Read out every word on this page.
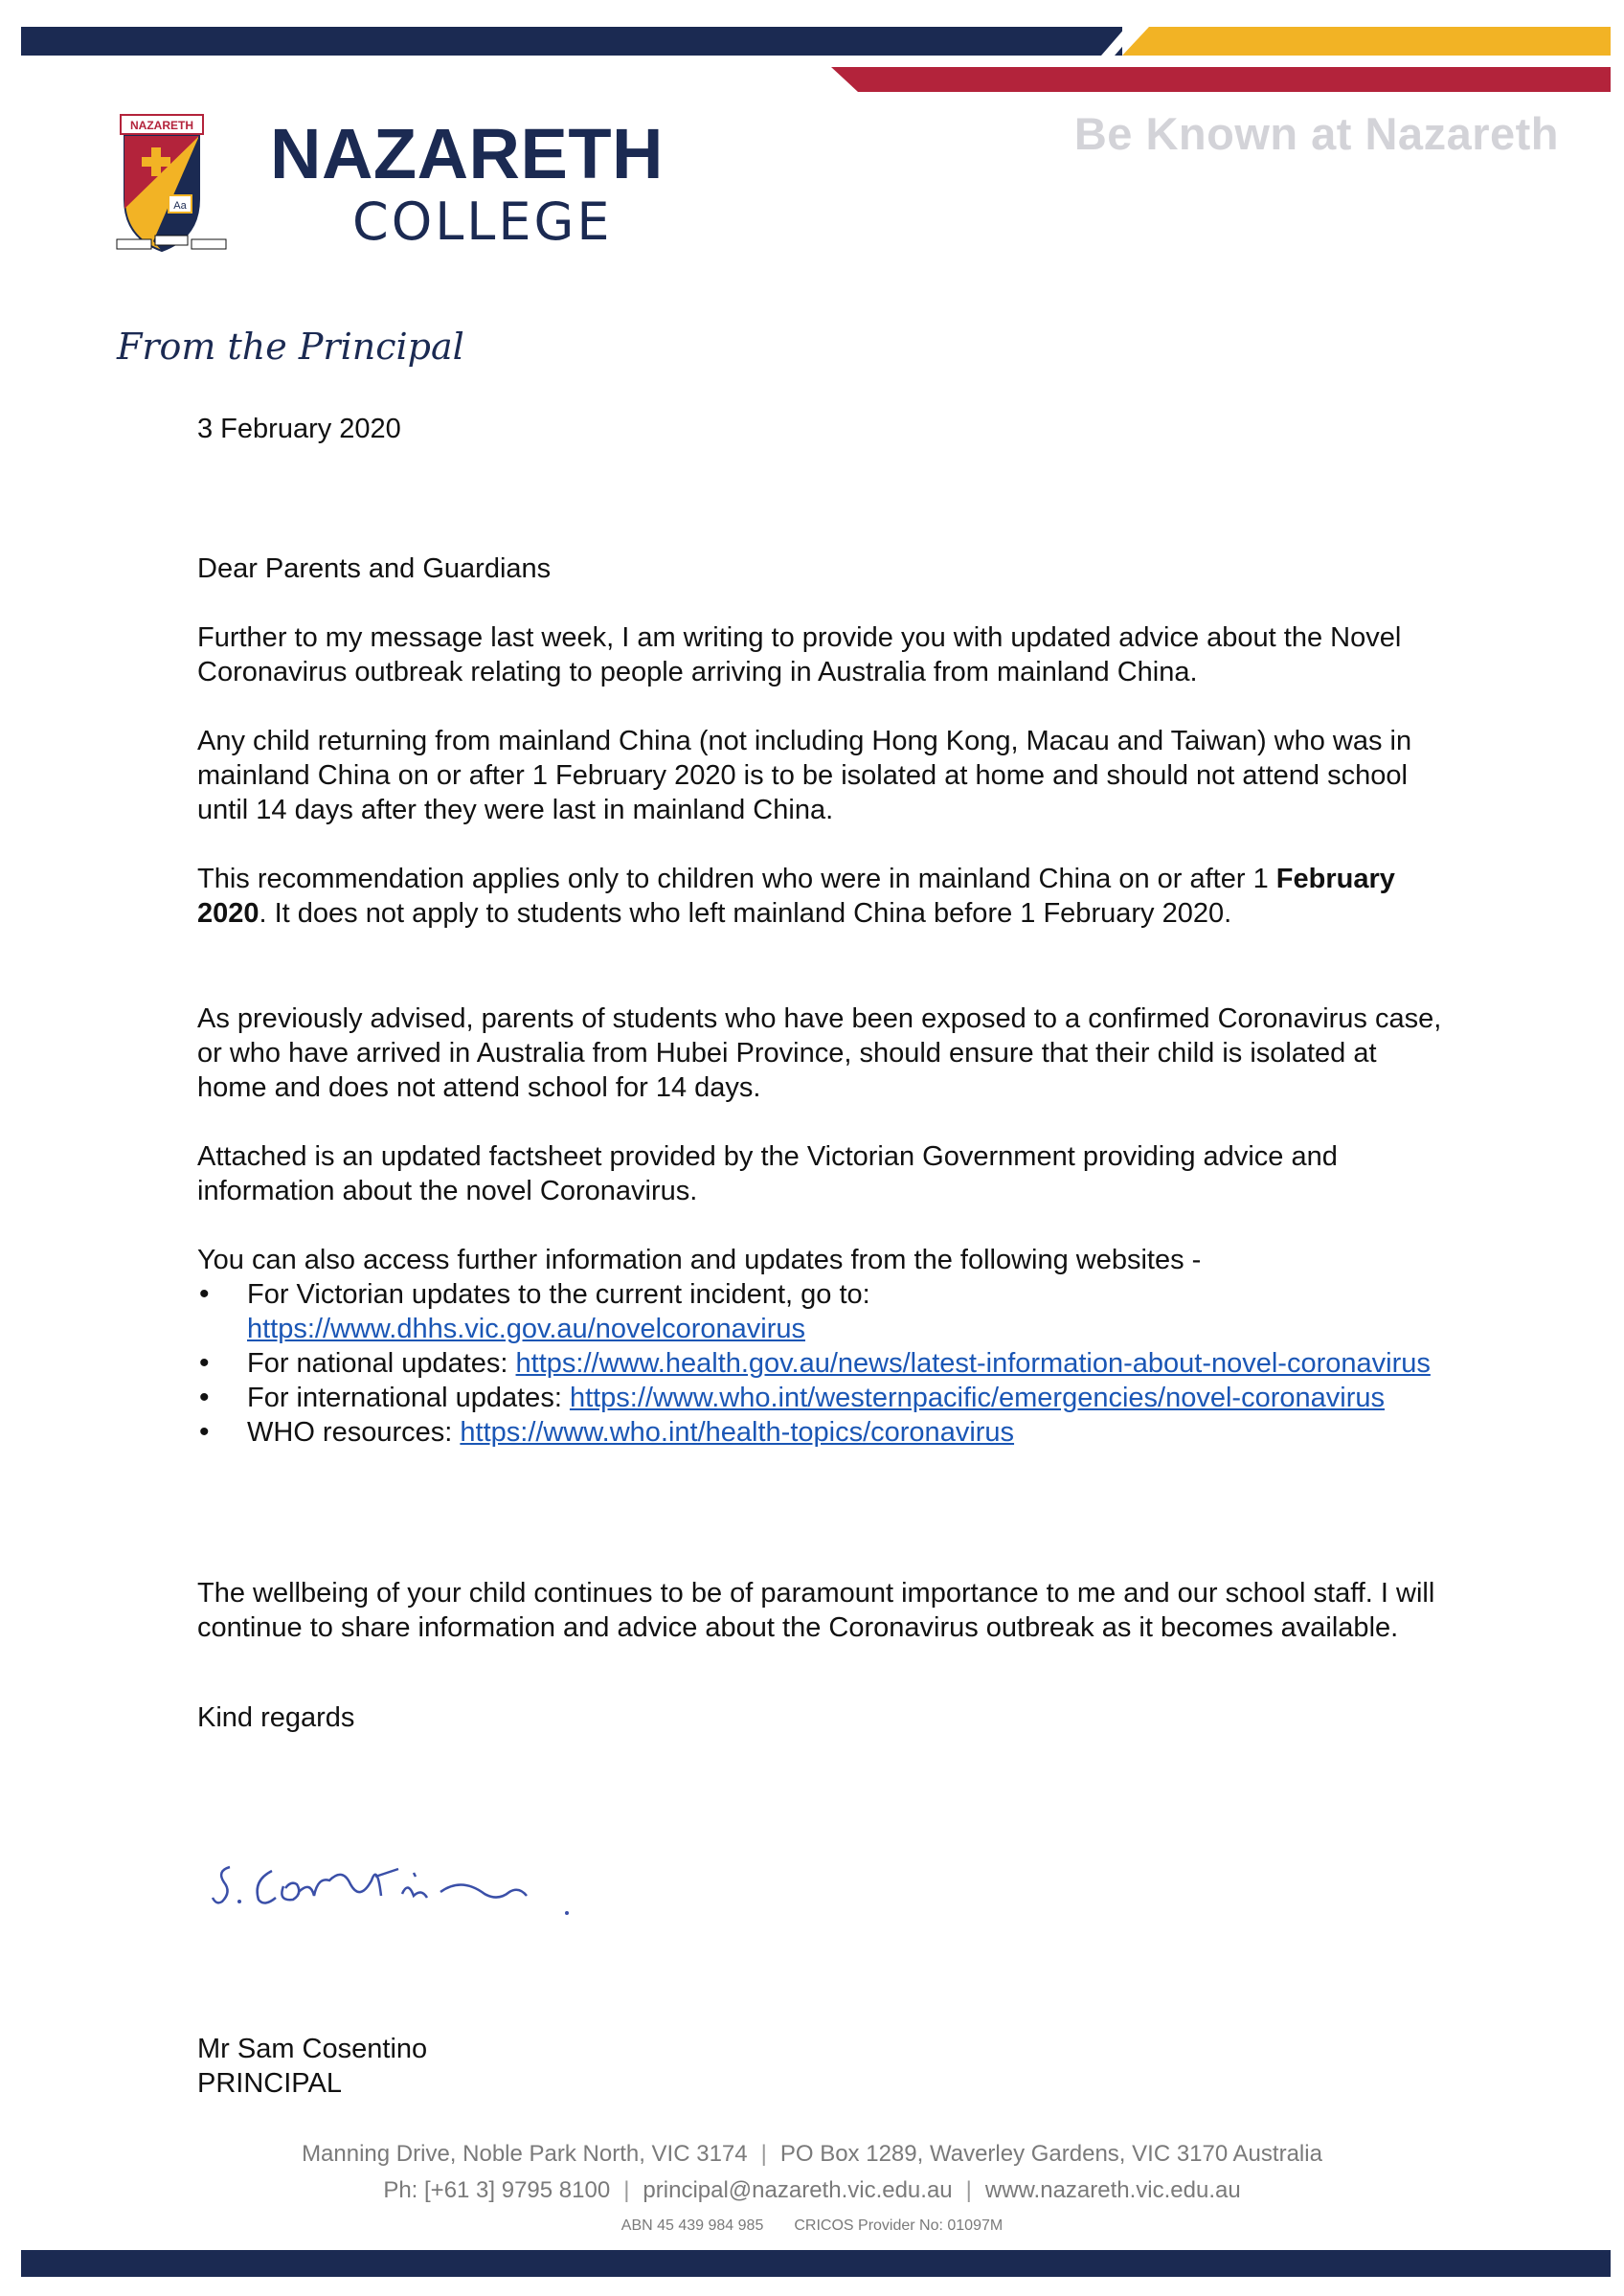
Be Known at Nazareth
NAZARETH
Aa
NAZARETH
COLLEGE
From the Principal
3 February 2020
Dear Parents and Guardians
Further to my message last week, I am writing to provide you with updated advice about the Novel Coronavirus outbreak relating to people arriving in Australia from mainland China.
Any child returning from mainland China (not including Hong Kong, Macau and Taiwan) who was in mainland China on or after 1 February 2020 is to be isolated at home and should not attend school until 14 days after they were last in mainland China.
This recommendation applies only to children who were in mainland China on or after 1 February 2020. It does not apply to students who left mainland China before 1 February 2020.
As previously advised, parents of students who have been exposed to a confirmed Coronavirus case, or who have arrived in Australia from Hubei Province, should ensure that their child is isolated at home and does not attend school for 14 days.
Attached is an updated factsheet provided by the Victorian Government providing advice and information about the novel Coronavirus.
You can also access further information and updates from the following websites -
• For Victorian updates to the current incident, go to:
https://www.dhhs.vic.gov.au/novelcoronavirus
• For national updates: https://www.health.gov.au/news/latest-information-about-novel-coronavirus
• For international updates: https://www.who.int/westernpacific/emergencies/novel-coronavirus
• WHO resources: https://www.who.int/health-topics/coronavirus
The wellbeing of your child continues to be of paramount importance to me and our school staff. I will continue to share information and advice about the Coronavirus outbreak as it becomes available.
Kind regards
Mr Sam Cosentino
PRINCIPAL
Manning Drive, Noble Park North, VIC 3174 | PO Box 1289, Waverley Gardens, VIC 3170 Australia
Ph: [+61 3] 9795 8100 | principal@nazareth.vic.edu.au | www.nazareth.vic.edu.au
ABN 45 439 984 985 CRICOS Provider No: 01097M
